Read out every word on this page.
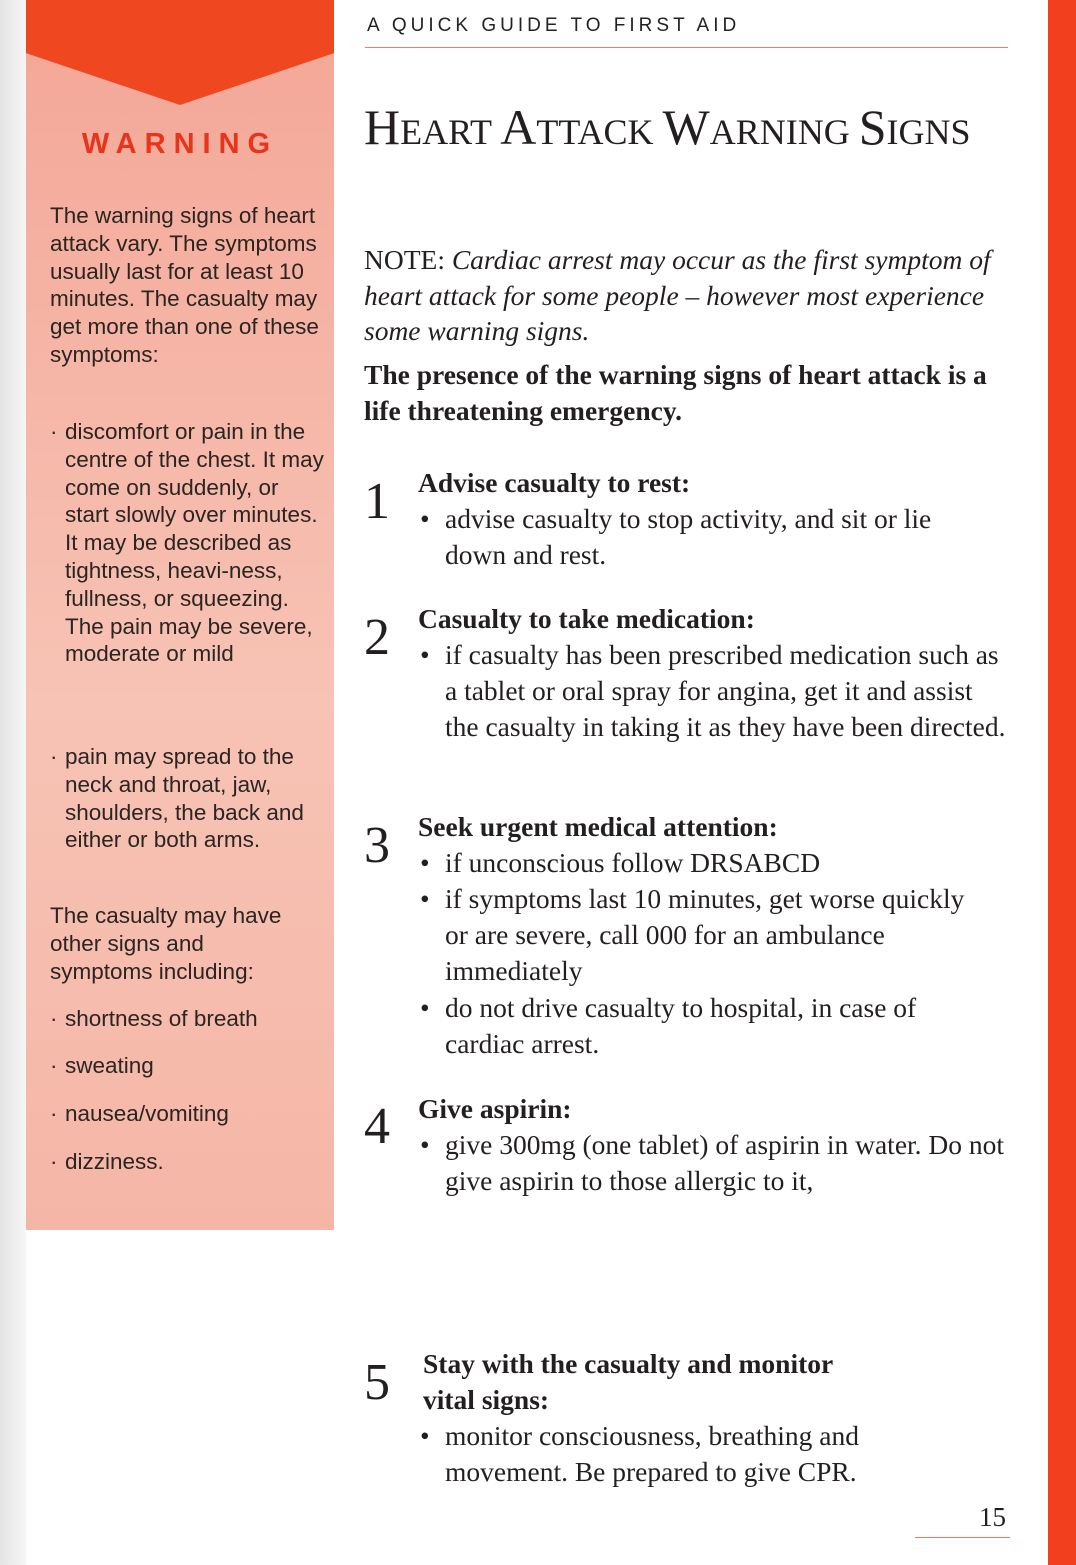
WARNING

The warning signs of heart attack vary. The symptoms usually last for at least 10 minutes. The casualty may get more than one of these symptoms:

· discomfort or pain in the centre of the chest. It may come on suddenly, or start slowly over minutes. It may be described as tightness, heavi-ness, fullness, or squeezing. The pain may be severe, moderate or mild
· pain may spread to the neck and throat, jaw, shoulders, the back and either or both arms.

The casualty may have other signs and symptoms including:

· shortness of breath
· sweating
· nausea/vomiting
· dizziness.
A QUICK GUIDE TO FIRST AID
HEART ATTACK WARNING SIGNS

NOTE: Cardiac arrest may occur as the first symptom of heart attack for some people – however most experience some warning signs.

The presence of the warning signs of heart attack is a life threatening emergency.

1 Advise casualty to rest:
• advise casualty to stop activity, and sit or lie down and rest.
2 Casualty to take medication:
• if casualty has been prescribed medication such as a tablet or oral spray for angina, get it and assist the casualty in taking it as they have been directed.
3 Seek urgent medical attention:
• if unconscious follow DRSABCD
• if symptoms last 10 minutes, get worse quickly or are severe, call 000 for an ambulance immediately
• do not drive casualty to hospital, in case of cardiac arrest.
4 Give aspirin:
• give 300mg (one tablet) of aspirin in water. Do not give aspirin to those allergic to it,
5 Stay with the casualty and monitor
vital signs:
• monitor consciousness, breathing and movement. Be prepared to give CPR.
15
